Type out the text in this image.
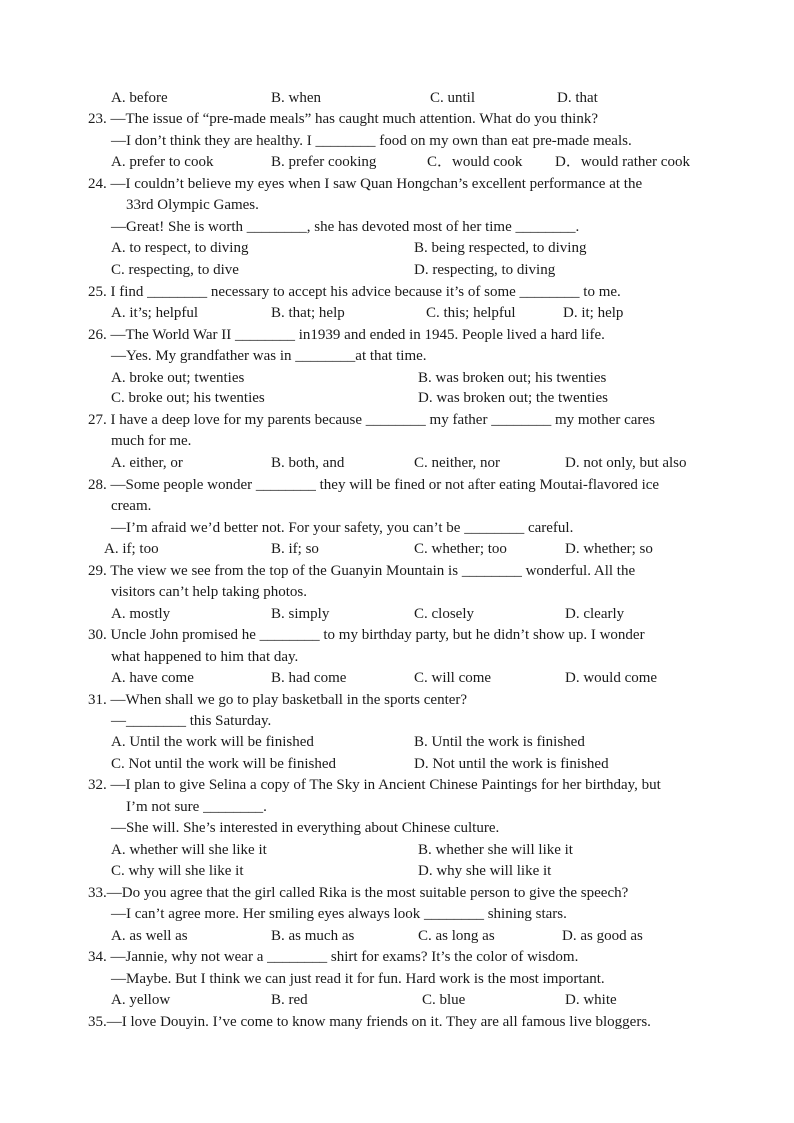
A. before	B. when	C. until	D. that
23. —The issue of “pre-made meals” has caught much attention. What do you think?
—I don’t think they are healthy. I ________ food on my own than eat pre-made meals.
A. prefer to cook	B. prefer cooking	C．would cook D．would rather cook
24. —I couldn’t believe my eyes when I saw Quan Hongchan’s excellent performance at the
33rd Olympic Games.
—Great! She is worth ________, she has devoted most of her time ________.
A. to respect, to diving	B. being respected, to diving
C. respecting, to dive	D. respecting, to diving
25. I find ________ necessary to accept his advice because it’s of some ________ to me.
A. it’s; helpful	B. that; help	C. this; helpful	D. it; help
26. —The World War II ________ in1939 and ended in 1945. People lived a hard life.
—Yes. My grandfather was in ________at that time.
A. broke out; twenties	B. was broken out; his twenties
C. broke out; his twenties	D. was broken out; the twenties
27. I have a deep love for my parents because ________ my father ________ my mother cares
much for me.
A. either, or	B. both, and	C. neither, nor	D. not only, but also
28. —Some people wonder ________ they will be fined or not after eating Moutai-flavored ice
cream.
—I’m afraid we’d better not. For your safety, you can’t be ________ careful.
A. if; too	B. if; so	C. whether; too	D. whether; so
29. The view we see from the top of the Guanyin Mountain is ________ wonderful. All the
visitors can’t help taking photos.
A. mostly	B. simply	C. closely	D. clearly
30. Uncle John promised he ________ to my birthday party, but he didn’t show up. I wonder
what happened to him that day.
A. have come	B. had come	C. will come	D. would come
31. —When shall we go to play basketball in the sports center?
—________ this Saturday.
A. Until the work will be finished	B. Until the work is finished
C. Not until the work will be finished	D. Not until the work is finished
32. —I plan to give Selina a copy of The Sky in Ancient Chinese Paintings for her birthday, but
I’m not sure ________.
—She will. She’s interested in everything about Chinese culture.
A. whether will she like it	B. whether she will like it
C. why will she like it	D. why she will like it
33.—Do you agree that the girl called Rika is the most suitable person to give the speech?
—I can’t agree more. Her smiling eyes always look ________ shining stars.
A. as well as	B. as much as	C. as long as	D. as good as
34. —Jannie, why not wear a ________ shirt for exams? It’s the color of wisdom.
—Maybe. But I think we can just read it for fun. Hard work is the most important.
A. yellow	B. red	C. blue	D. white
35.—I love Douyin. I’ve come to know many friends on it. They are all famous live bloggers.
